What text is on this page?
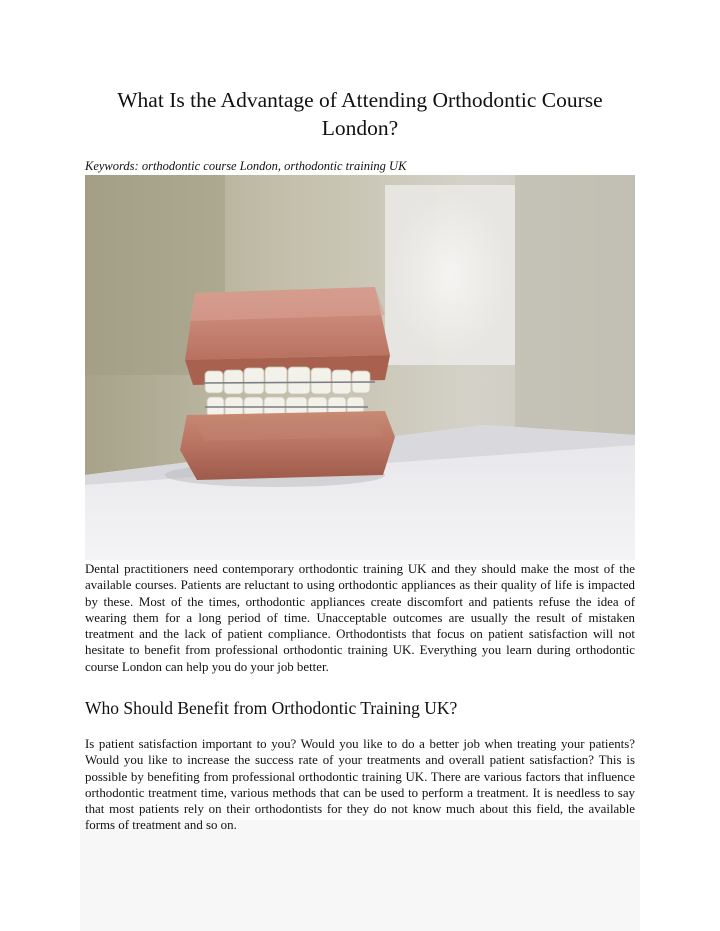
What Is the Advantage of Attending Orthodontic Course London?
Keywords: orthodontic course London, orthodontic training UK

Dental practitioners need contemporary orthodontic training UK and they should make the most of the available courses. Patients are reluctant to using orthodontic appliances as their quality of life is impacted by these. Most of the times, orthodontic appliances create discomfort and patients refuse the idea of wearing them for a long period of time. Unacceptable outcomes are usually the result of mistaken treatment and the lack of patient compliance. Orthodontists that focus on patient satisfaction will not hesitate to benefit from professional orthodontic training UK. Everything you learn during orthodontic course London can help you do your job better.

Who Should Benefit from Orthodontic Training UK?

Is patient satisfaction important to you? Would you like to do a better job when treating your patients? Would you like to increase the success rate of your treatments and overall patient satisfaction? This is possible by benefiting from professional orthodontic training UK. There are various factors that influence orthodontic treatment time, various methods that can be used to perform a treatment. It is needless to say that most patients rely on their orthodontists for they do not know much about this field, the available forms of treatment and so on.
